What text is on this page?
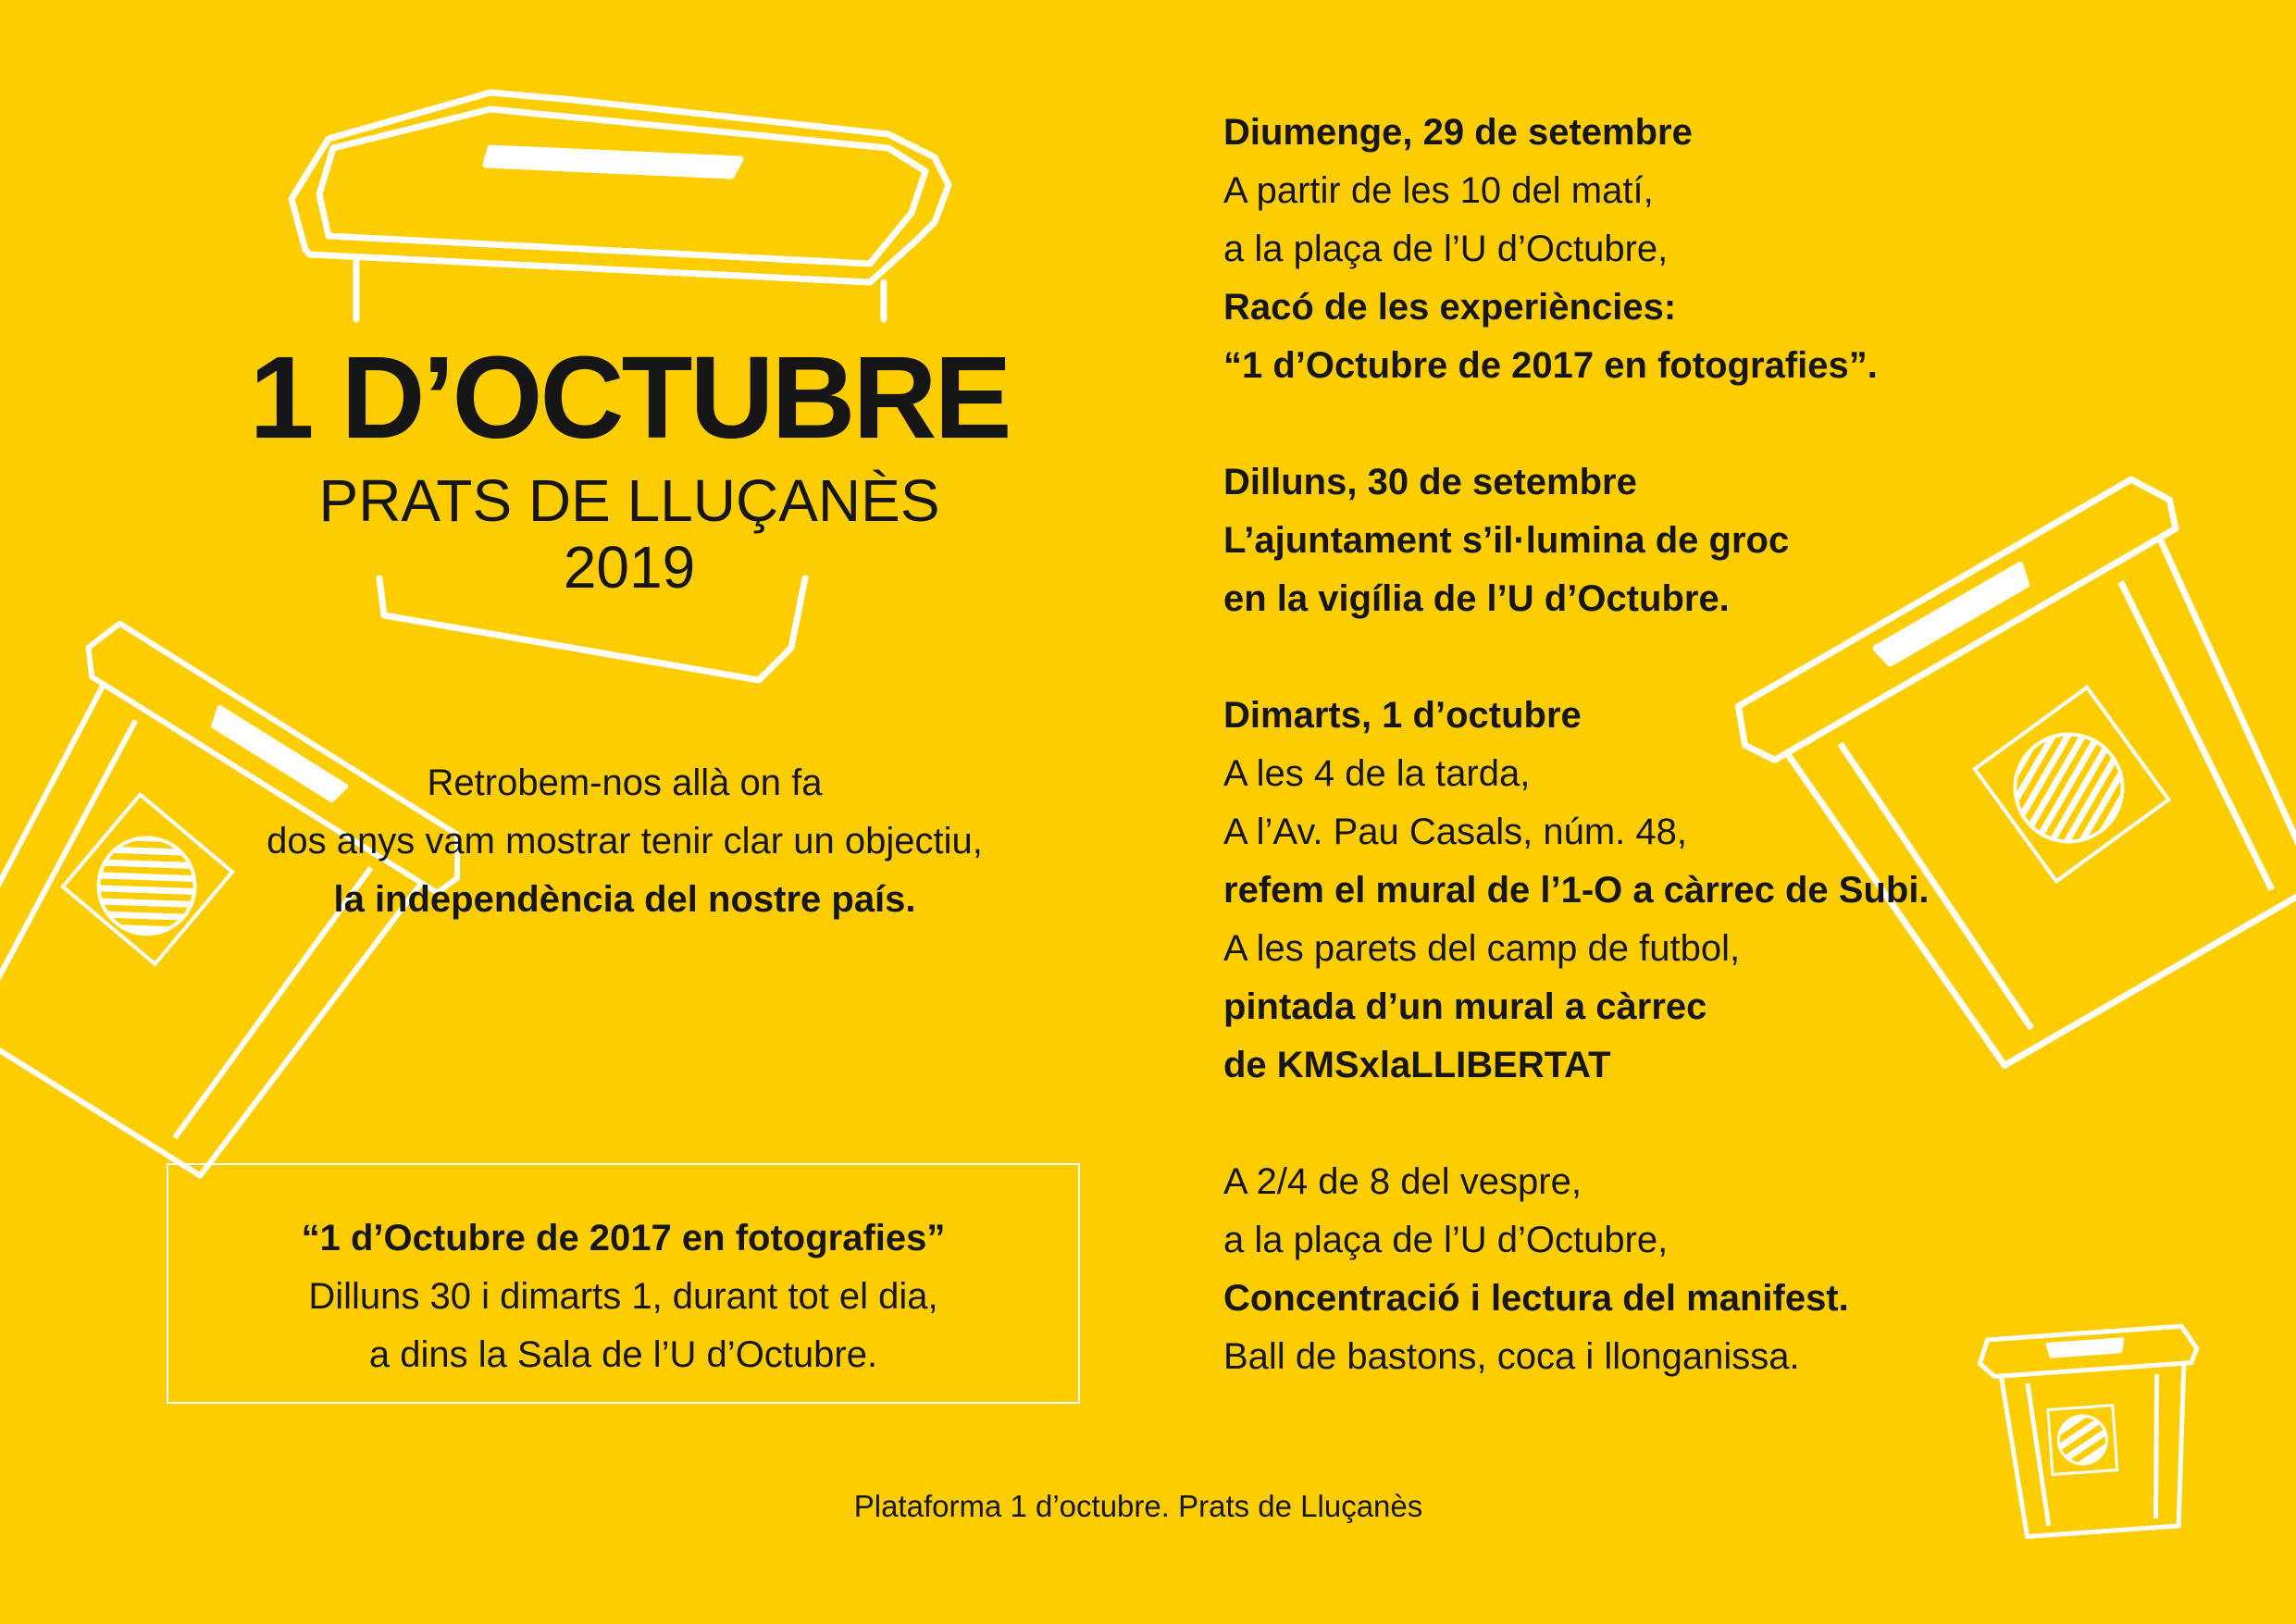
1 D’OCTUBRE
PRATS DE LLUÇANÈS
2019
Retrobem-nos allà on fa
dos anys vam mostrar tenir clar un objectiu,
la independència del nostre país.
“1 d’Octubre de 2017 en fotografies”
Dilluns 30 i dimarts 1, durant tot el dia,
a dins la Sala de l’U d’Octubre.
Diumenge, 29 de setembre
A partir de les 10 del matí,
a la plaça de l’U d’Octubre,
Racó de les experiències:
“1 d’Octubre de 2017 en fotografies”.
Dilluns, 30 de setembre
L’ajuntament s’il·lumina de groc
en la vigília de l’U d’Octubre.
Dimarts, 1 d’octubre
A les 4 de la tarda,
A l’Av. Pau Casals, núm. 48,
refem el mural de l’1-O a càrrec de Subi.
A les parets del camp de futbol,
pintada d’un mural a càrrec
de KMSxlaLLIBERTAT
A 2/4 de 8 del vespre,
a la plaça de l’U d’Octubre,
Concentració i lectura del manifest.
Ball de bastons, coca i llonganissa.
Plataforma 1 d’octubre. Prats de Lluçanès
